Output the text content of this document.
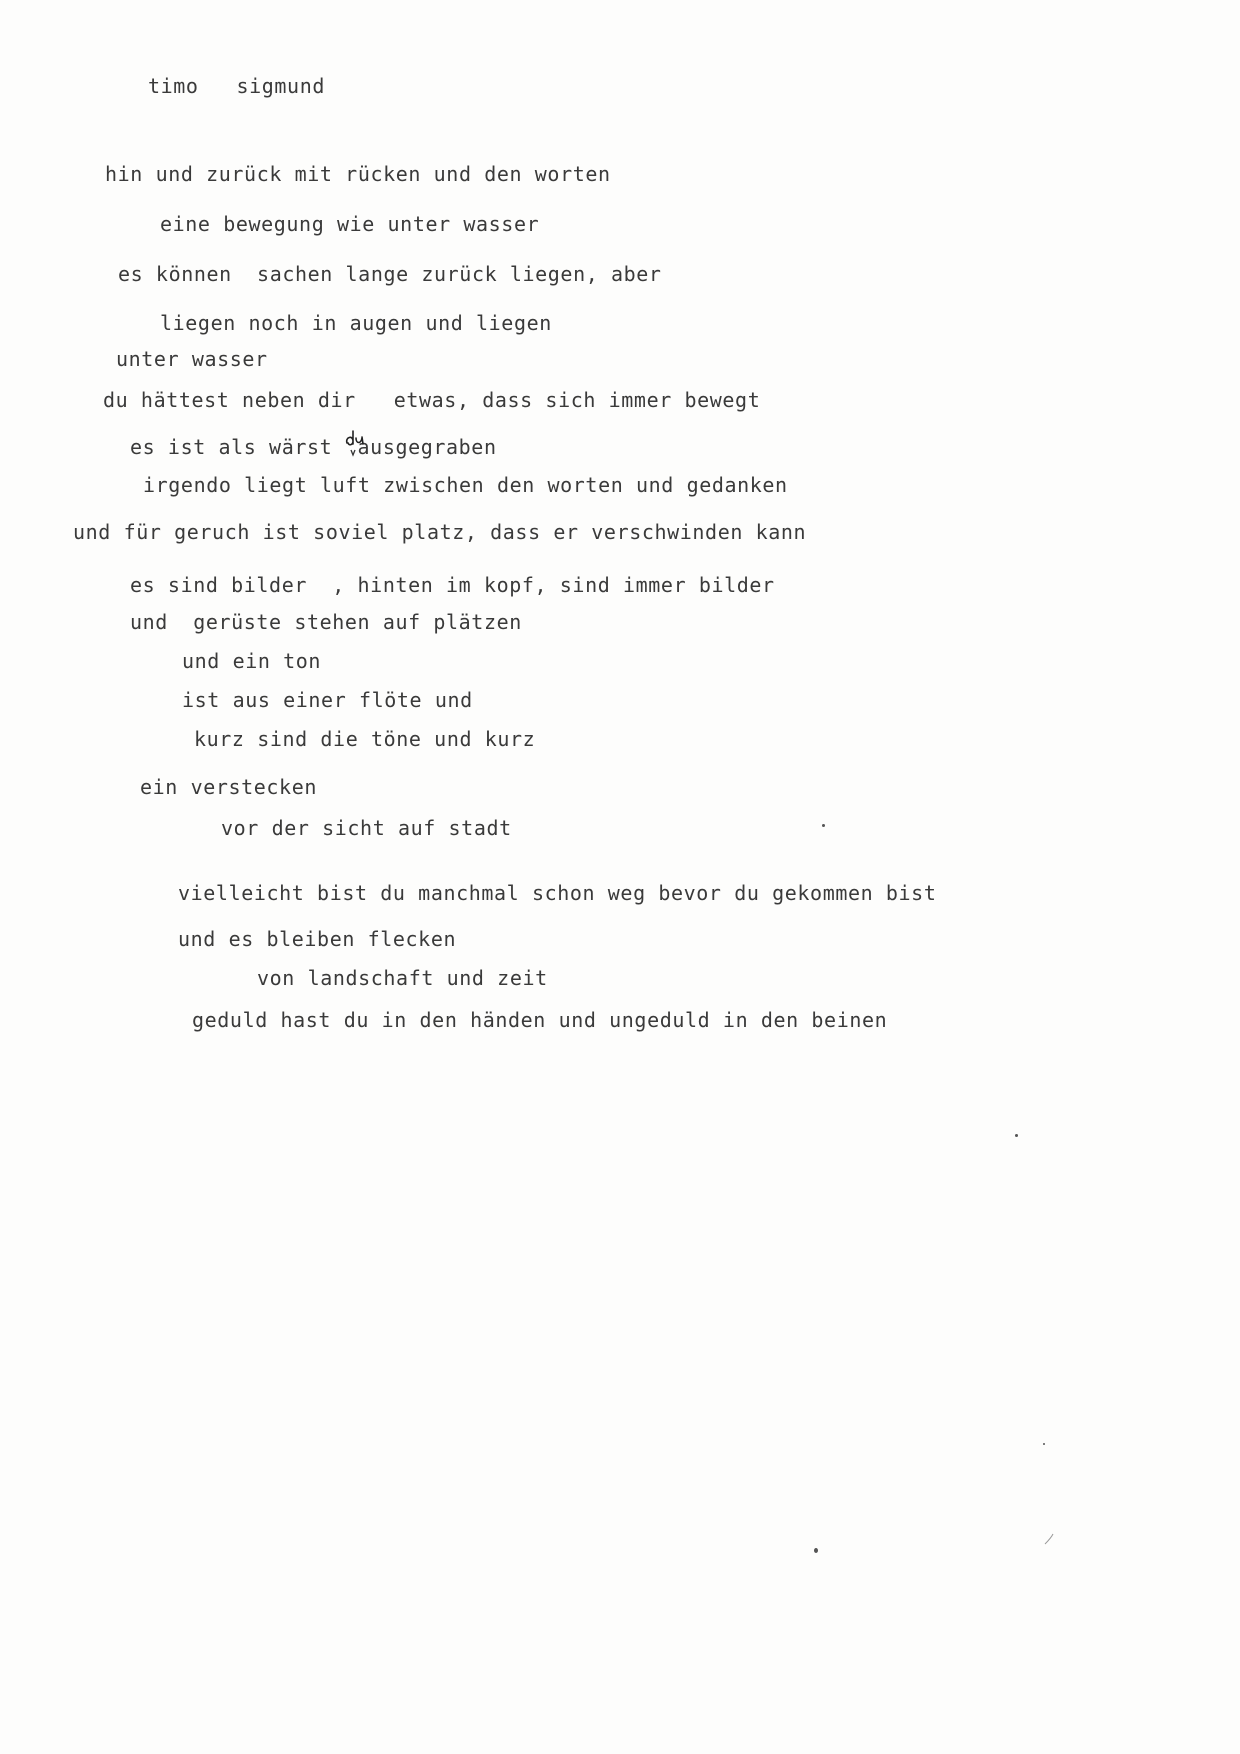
timo   sigmund
hin und zurück mit rücken und den worten
eine bewegung wie unter wasser
es können  sachen lange zurück liegen, aber
liegen noch in augen und liegen
unter wasser
du hättest neben dir   etwas, dass sich immer bewegt
es ist als wärst  ausgegraben
irgendo liegt luft zwischen den worten und gedanken
und für geruch ist soviel platz, dass er verschwinden kann
es sind bilder  , hinten im kopf, sind immer bilder
und  gerüste stehen auf plätzen
und ein ton
ist aus einer flöte und
kurz sind die töne und kurz
ein verstecken
vor der sicht auf stadt
vielleicht bist du manchmal schon weg bevor du gekommen bist
und es bleiben flecken
von landschaft und zeit
geduld hast du in den händen und ungeduld in den beinen
